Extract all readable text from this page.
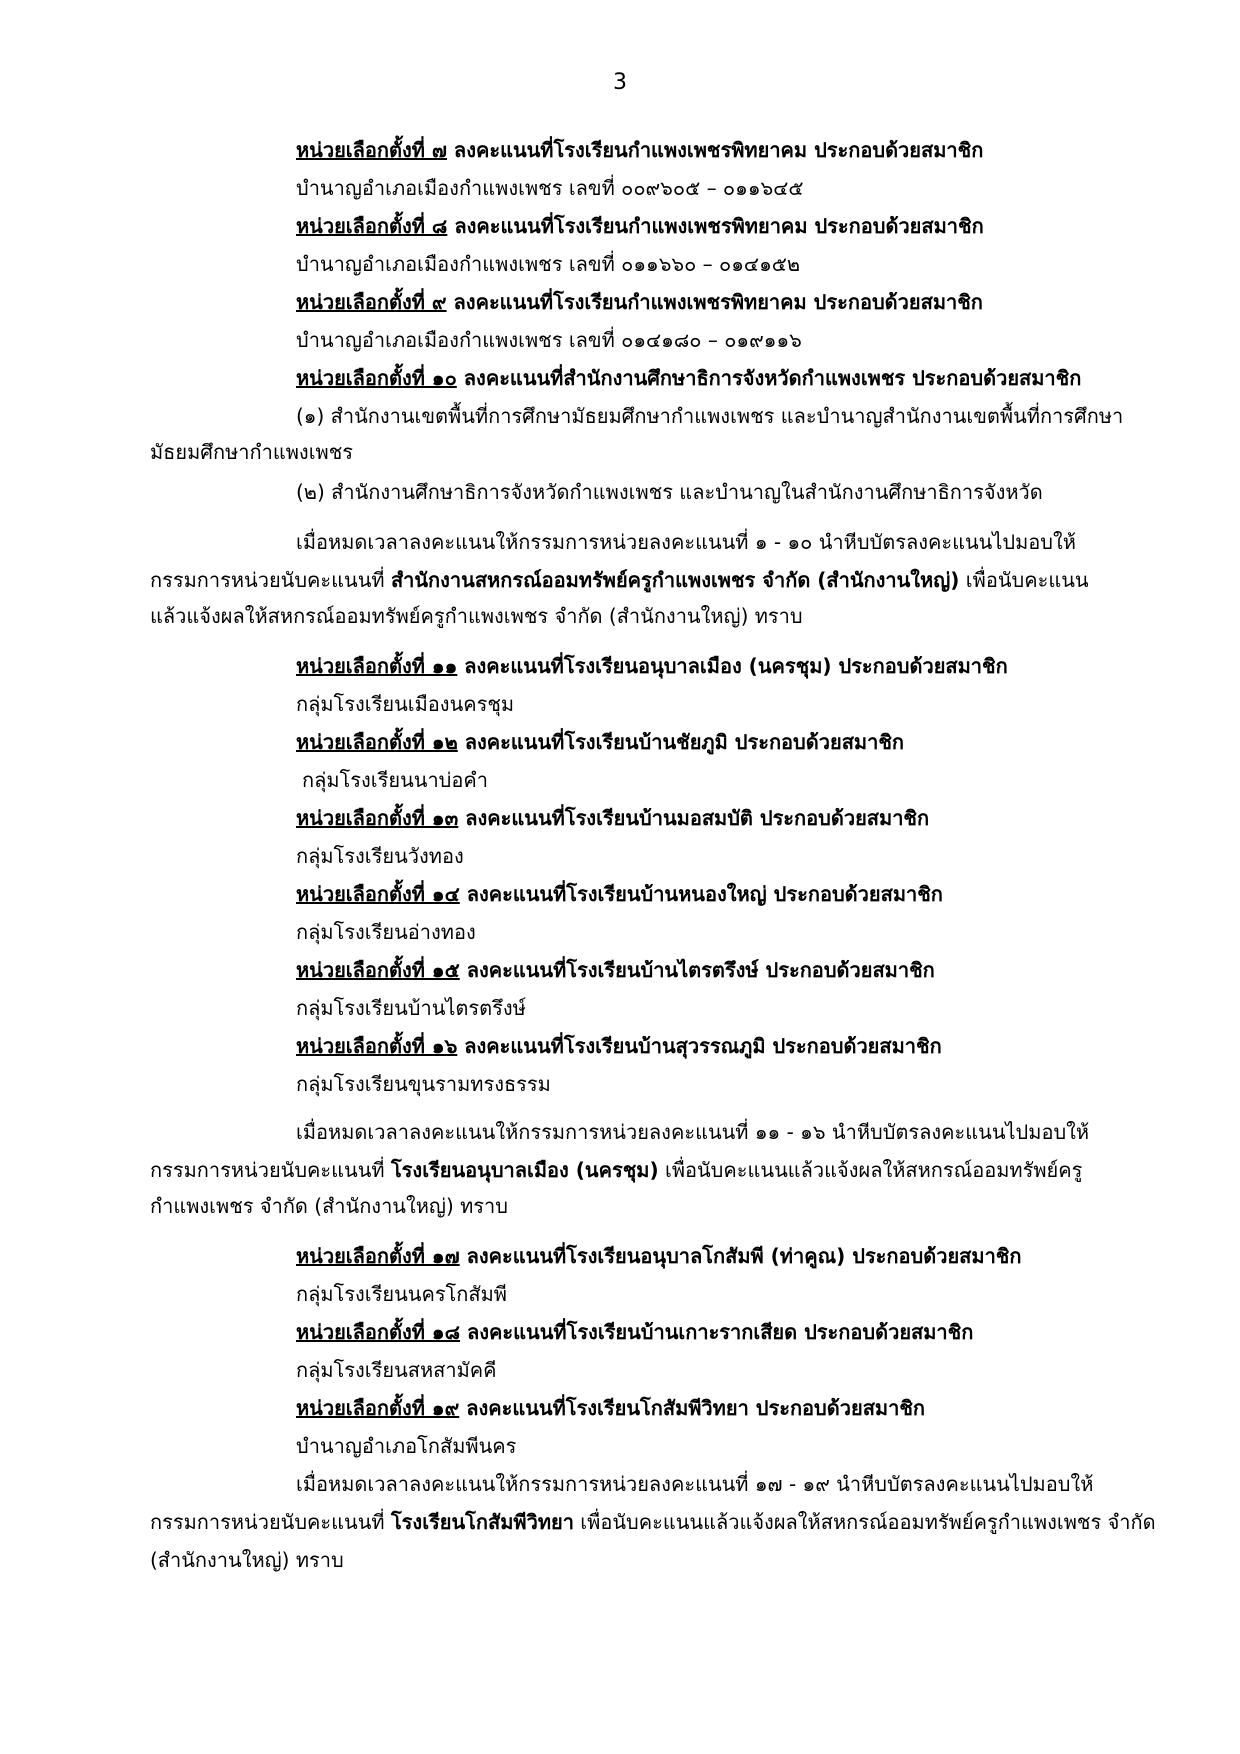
3
หน่วยเลือกตั้งที่ ๗ ลงคะแนนที่โรงเรียนกำแพงเพชรพิทยาคม ประกอบด้วยสมาชิก
บำนาญอำเภอเมืองกำแพงเพชร เลขที่ ๐๐๙๖๐๕ – ๐๑๑๖๔๕
หน่วยเลือกตั้งที่ ๘ ลงคะแนนที่โรงเรียนกำแพงเพชรพิทยาคม ประกอบด้วยสมาชิก
บำนาญอำเภอเมืองกำแพงเพชร เลขที่ ๐๑๑๖๖๐ – ๐๑๔๑๕๒
หน่วยเลือกตั้งที่ ๙ ลงคะแนนที่โรงเรียนกำแพงเพชรพิทยาคม ประกอบด้วยสมาชิก
บำนาญอำเภอเมืองกำแพงเพชร เลขที่ ๐๑๔๑๘๐ – ๐๑๙๑๑๖
หน่วยเลือกตั้งที่ ๑๐ ลงคะแนนที่สำนักงานศึกษาธิการจังหวัดกำแพงเพชร ประกอบด้วยสมาชิก
(๑) สำนักงานเขตพื้นที่การศึกษามัธยมศึกษากำแพงเพชร และบำนาญสำนักงานเขตพื้นที่การศึกษา
มัธยมศึกษากำแพงเพชร
(๒) สำนักงานศึกษาธิการจังหวัดกำแพงเพชร และบำนาญในสำนักงานศึกษาธิการจังหวัด
เมื่อหมดเวลาลงคะแนนให้กรรมการหน่วยลงคะแนนที่ ๑ - ๑๐ นำหีบบัตรลงคะแนนไปมอบให้
กรรมการหน่วยนับคะแนนที่ สำนักงานสหกรณ์ออมทรัพย์ครูกำแพงเพชร จำกัด (สำนักงานใหญ่) เพื่อนับคะแนน
แล้วแจ้งผลให้สหกรณ์ออมทรัพย์ครูกำแพงเพชร จำกัด (สำนักงานใหญ่) ทราบ
หน่วยเลือกตั้งที่ ๑๑ ลงคะแนนที่โรงเรียนอนุบาลเมือง (นครชุม) ประกอบด้วยสมาชิก
กลุ่มโรงเรียนเมืองนครชุม
หน่วยเลือกตั้งที่ ๑๒ ลงคะแนนที่โรงเรียนบ้านชัยภูมิ ประกอบด้วยสมาชิก
กลุ่มโรงเรียนนาบ่อคำ
หน่วยเลือกตั้งที่ ๑๓ ลงคะแนนที่โรงเรียนบ้านมอสมบัติ ประกอบด้วยสมาชิก
กลุ่มโรงเรียนวังทอง
หน่วยเลือกตั้งที่ ๑๔ ลงคะแนนที่โรงเรียนบ้านหนองใหญ่ ประกอบด้วยสมาชิก
กลุ่มโรงเรียนอ่างทอง
หน่วยเลือกตั้งที่ ๑๕ ลงคะแนนที่โรงเรียนบ้านไตรตรึงษ์ ประกอบด้วยสมาชิก
กลุ่มโรงเรียนบ้านไตรตรึงษ์
หน่วยเลือกตั้งที่ ๑๖ ลงคะแนนที่โรงเรียนบ้านสุวรรณภูมิ ประกอบด้วยสมาชิก
กลุ่มโรงเรียนขุนรามทรงธรรม
เมื่อหมดเวลาลงคะแนนให้กรรมการหน่วยลงคะแนนที่ ๑๑ - ๑๖ นำหีบบัตรลงคะแนนไปมอบให้
กรรมการหน่วยนับคะแนนที่ โรงเรียนอนุบาลเมือง (นครชุม) เพื่อนับคะแนนแล้วแจ้งผลให้สหกรณ์ออมทรัพย์ครู
กำแพงเพชร จำกัด (สำนักงานใหญ่) ทราบ
หน่วยเลือกตั้งที่ ๑๗ ลงคะแนนที่โรงเรียนอนุบาลโกสัมพี (ท่าคูณ) ประกอบด้วยสมาชิก
กลุ่มโรงเรียนนครโกสัมพี
หน่วยเลือกตั้งที่ ๑๘ ลงคะแนนที่โรงเรียนบ้านเกาะรากเสียด ประกอบด้วยสมาชิก
กลุ่มโรงเรียนสหสามัคคี
หน่วยเลือกตั้งที่ ๑๙ ลงคะแนนที่โรงเรียนโกสัมพีวิทยา ประกอบด้วยสมาชิก
บำนาญอำเภอโกสัมพีนคร
เมื่อหมดเวลาลงคะแนนให้กรรมการหน่วยลงคะแนนที่ ๑๗ - ๑๙ นำหีบบัตรลงคะแนนไปมอบให้
กรรมการหน่วยนับคะแนนที่ โรงเรียนโกสัมพีวิทยา เพื่อนับคะแนนแล้วแจ้งผลให้สหกรณ์ออมทรัพย์ครูกำแพงเพชร จำกัด
(สำนักงานใหญ่) ทราบ
